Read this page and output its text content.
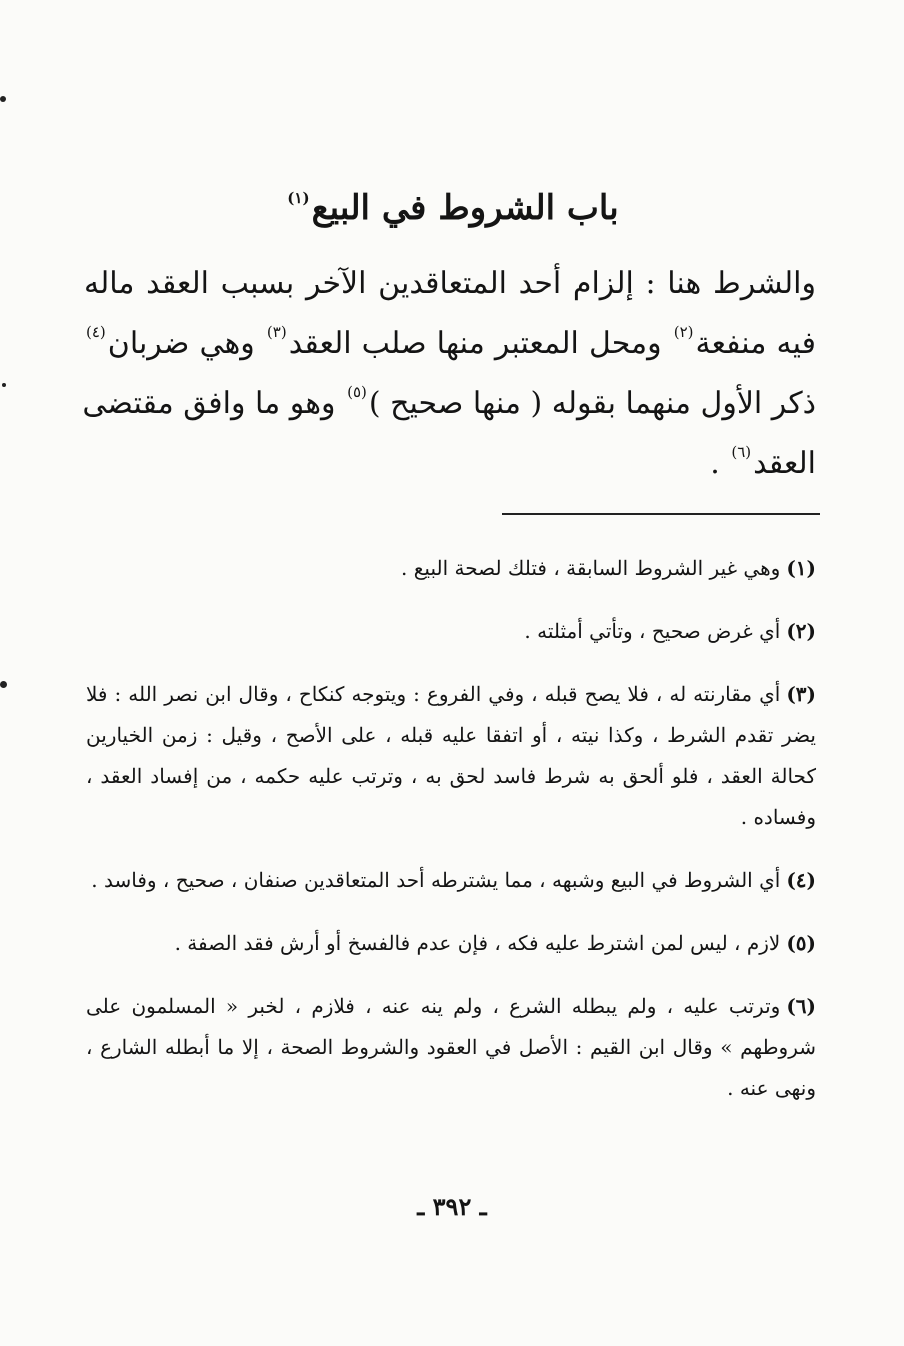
باب الشروط في البيع$^{(١)}$
والشرط هنا : إلزام أحد المتعاقدين الآخر بسبب العقد ماله
فيه منفعة$^{(٢)}$ ومحل المعتبر منها صلب العقد$^{(٣)}$ وهي ضربان$^{(٤)}$
ذكر الأول منهما بقوله ( منها صحيح )$^{(٥)}$ وهو ما وافق مقتضى
العقد$^{(٦)}$ .

(١)وهي غير الشروط السابقة ، فتلك لصحة البيع .

(٢)أي غرض صحيح ، وتأتي أمثلته .

(٣)أي مقارنته له ، فلا يصح قبله ، وفي الفروع : ويتوجه كنكاح ، وقال ابن نصر الله : فلا يضر تقدم الشرط ، وكذا نيته ، أو اتفقا عليه قبله ، على الأصح ، وقيل : زمن الخيارين كحالة العقد ، فلو ألحق به شرط فاسد لحق به ، وترتب عليه حكمه ، من إفساد العقد ، وفساده .

(٤)أي الشروط في البيع وشبهه ، مما يشترطه أحد المتعاقدين صنفان ، صحيح ، وفاسد .

(٥)لازم ، ليس لمن اشترط عليه فكه ، فإن عدم فالفسخ أو أرش فقد الصفة .

(٦)وترتب عليه ، ولم يبطله الشرع ، ولم ينه عنه ، فلازم ، لخبر « المسلمون على شروطهم » وقال ابن القيم : الأصل في العقود والشروط الصحة ، إلا ما أبطله الشارع ، ونهى عنه .

ـ ٣٩٢ ـ
